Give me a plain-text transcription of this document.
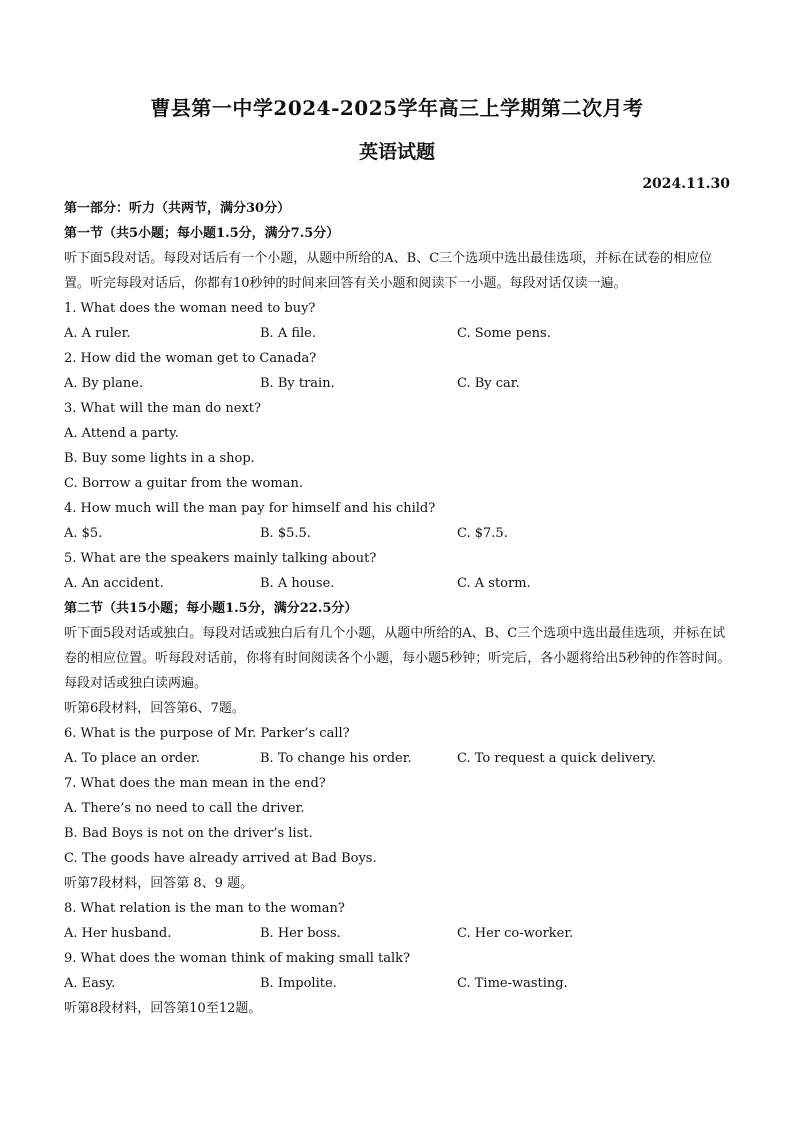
曹县第一中学2024-2025学年高三上学期第二次月考
英语试题
2024.11.30
第一部分：听力（共两节，满分30分）
第一节（共5小题；每小题1.5分，满分7.5分）
听下面5段对话。每段对话后有一个小题，从题中所给的A、B、C三个选项中选出最佳选项，并标在试卷的相应位置。听完每段对话后，你都有10秒钟的时间来回答有关小题和阅读下一小题。每段对话仅读一遍。
1. What does the woman need to buy?
A. A ruler.	B. A file.	C. Some pens.
2. How did the woman get to Canada?
A. By plane.	B. By train.	C. By car.
3. What will the man do next?
A. Attend a party.
B. Buy some lights in a shop.
C. Borrow a guitar from the woman.
4. How much will the man pay for himself and his child?
A. $5.	B. $5.5.	C. $7.5.
5. What are the speakers mainly talking about?
A. An accident.	B. A house.	C. A storm.
第二节（共15小题；每小题1.5分，满分22.5分）
听下面5段对话或独白。每段对话或独白后有几个小题，从题中所给的A、B、C三个选项中选出最佳选项，并标在试卷的相应位置。听每段对话前，你将有时间阅读各个小题，每小题5秒钟；听完后，各小题将给出5秒钟的作答时间。每段对话或独白读两遍。
听第6段材料，回答第6、7题。
6. What is the purpose of Mr. Parker’s call?
A. To place an order.	B. To change his order.	C. To request a quick delivery.
7. What does the man mean in the end?
A. There’s no need to call the driver.
B. Bad Boys is not on the driver’s list.
C. The goods have already arrived at Bad Boys.
听第7段材料，回答第 8、9 题。
8. What relation is the man to the woman?
A. Her husband.	B. Her boss.	C. Her co-worker.
9. What does the woman think of making small talk?
A. Easy.	B. Impolite.	C. Time-wasting.
听第8段材料，回答第10至12题。
